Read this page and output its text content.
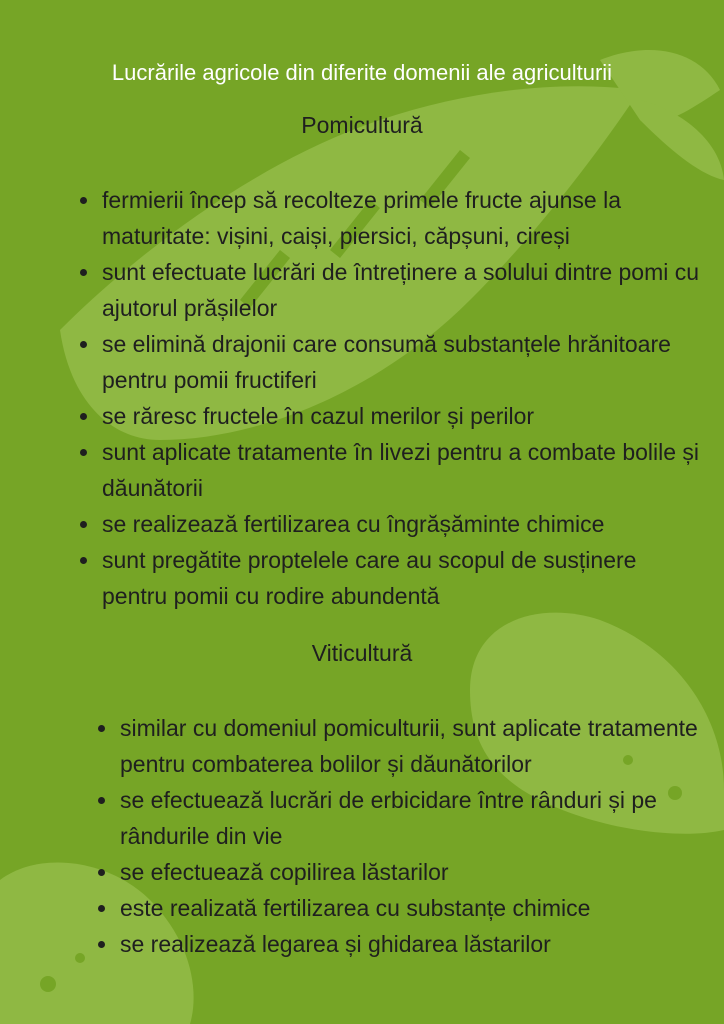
Lucrările agricole din diferite domenii ale agriculturii
Pomicultură
fermierii încep să recolteze primele fructe ajunse la maturitate: vișini, caiși, piersici, căpșuni, cireși
sunt efectuate lucrări de întreținere a solului dintre pomi cu ajutorul prășilelor
se elimină drajonii care consumă substanțele hrănitoare pentru pomii fructiferi
se răresc fructele în cazul merilor și perilor
sunt aplicate tratamente în livezi pentru a combate bolile și dăunătorii
se realizează fertilizarea cu îngrășăminte chimice
sunt pregătite proptelele care au scopul de susținere pentru pomii cu rodire abundentă
Viticultură
similar cu domeniul pomiculturii, sunt aplicate tratamente pentru combaterea bolilor și dăunătorilor
se efectuează lucrări de erbicidare între rânduri și pe rândurile din vie
se efectuează copilirea lăstarilor
este realizată fertilizarea cu substanțe chimice
se realizează legarea și ghidarea lăstarilor
